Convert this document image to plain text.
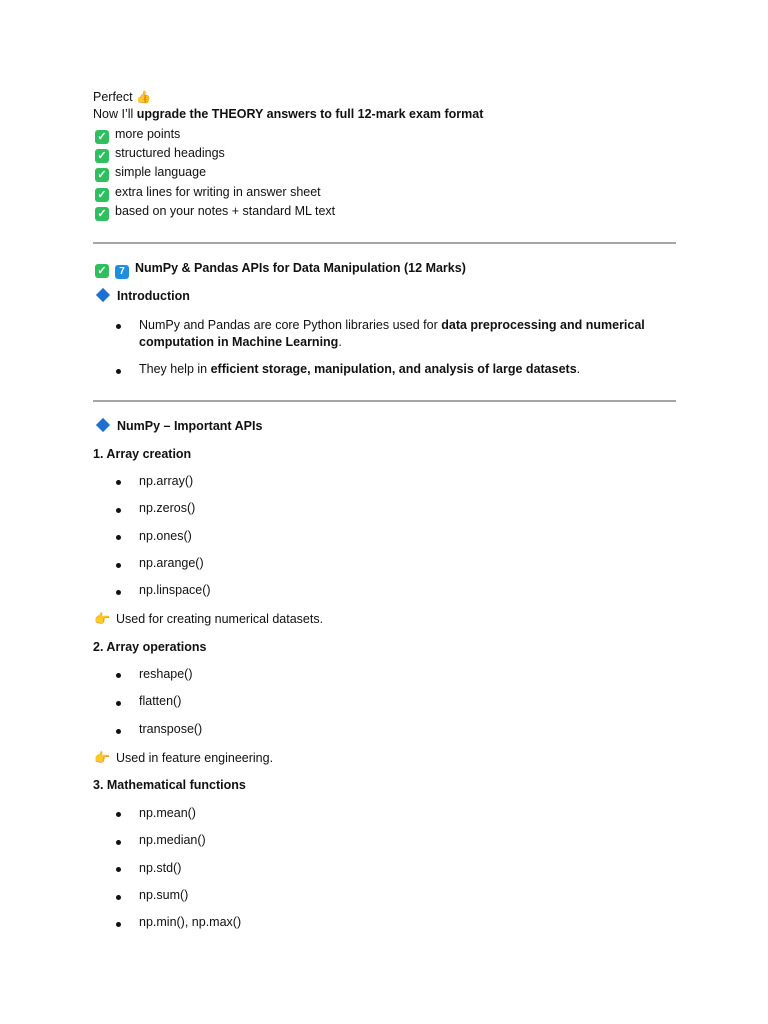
Perfect 👍
Now I’ll upgrade the THEORY answers to full 12-mark exam format
✓ more points
✓ structured headings
✓ simple language
✓ extra lines for writing in answer sheet
✓ based on your notes + standard ML text
✓ 7 NumPy & Pandas APIs for Data Manipulation (12 Marks)
Introduction
NumPy and Pandas are core Python libraries used for data preprocessing and numerical
computation in Machine Learning.
They help in efficient storage, manipulation, and analysis of large datasets.
NumPy – Important APIs
1. Array creation
np.array()
np.zeros()
np.ones()
np.arange()
np.linspace()
👉 Used for creating numerical datasets.
2. Array operations
reshape()
flatten()
transpose()
👉 Used in feature engineering.
3. Mathematical functions
np.mean()
np.median()
np.std()
np.sum()
np.min(), np.max()
